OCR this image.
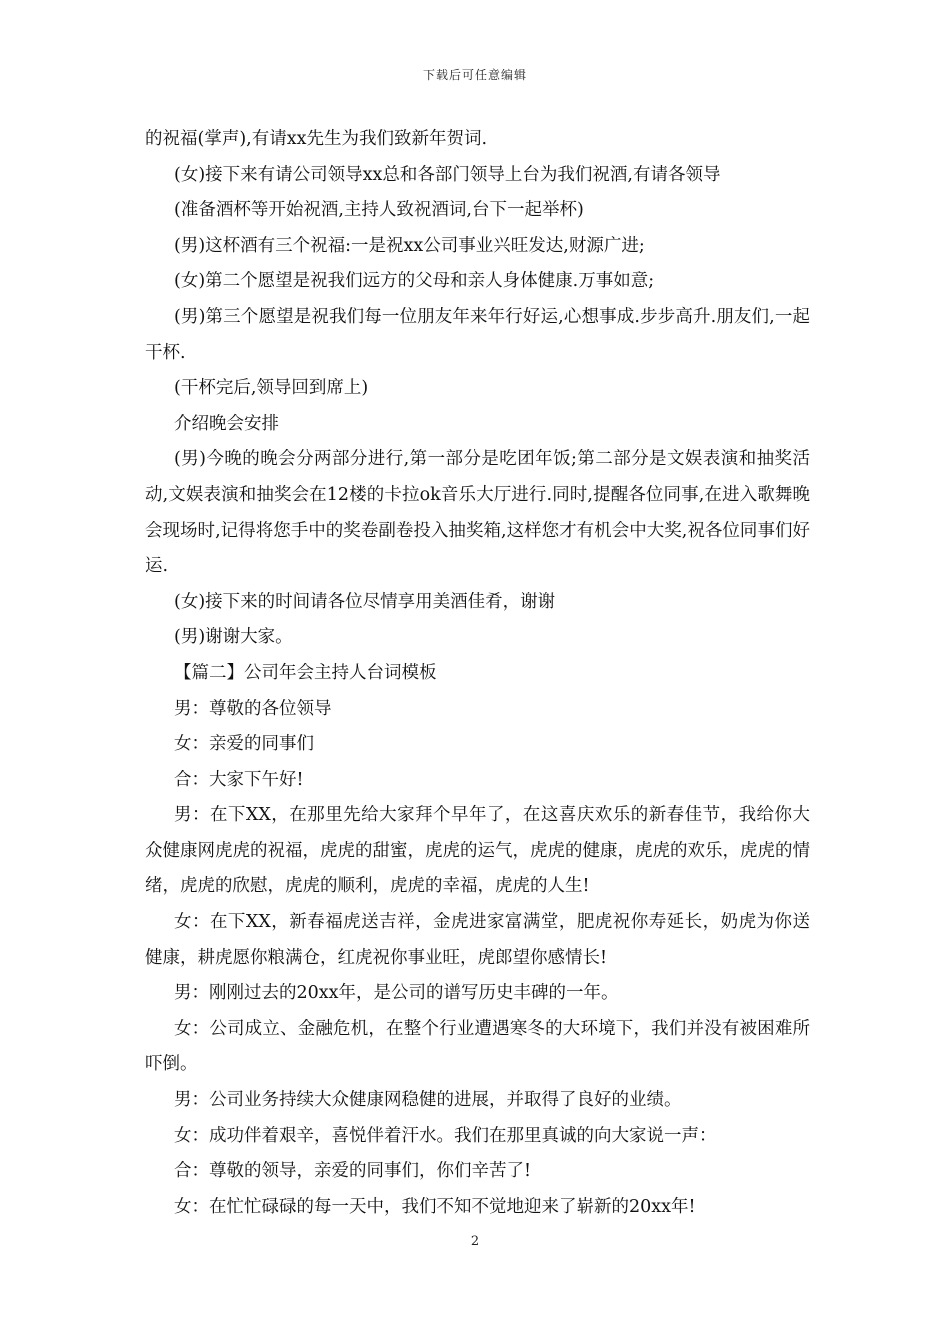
下载后可任意编辑

的祝福(掌声),有请xx先生为我们致新年贺词.

(女)接下来有请公司领导xx总和各部门领导上台为我们祝酒,有请各领导

(准备酒杯等开始祝酒,主持人致祝酒词,台下一起举杯)

(男)这杯酒有三个祝福:一是祝xx公司事业兴旺发达,财源广进;

(女)第二个愿望是祝我们远方的父母和亲人身体健康.万事如意;

(男)第三个愿望是祝我们每一位朋友年来年行好运,心想事成.步步高升.朋友们,一起干杯.

(干杯完后,领导回到席上)

介绍晚会安排

(男)今晚的晚会分两部分进行,第一部分是吃团年饭;第二部分是文娱表演和抽奖活动,文娱表演和抽奖会在12楼的卡拉ok音乐大厅进行.同时,提醒各位同事,在进入歌舞晚会现场时,记得将您手中的奖卷副卷投入抽奖箱,这样您才有机会中大奖,祝各位同事们好运.

(女)接下来的时间请各位尽情享用美酒佳肴，谢谢

(男)谢谢大家。

【篇二】公司年会主持人台词模板

男：尊敬的各位领导

女：亲爱的同事们

合：大家下午好!

男：在下XX，在那里先给大家拜个早年了，在这喜庆欢乐的新春佳节，我给你大众健康网虎虎的祝福，虎虎的甜蜜，虎虎的运气，虎虎的健康，虎虎的欢乐，虎虎的情绪，虎虎的欣慰，虎虎的顺利，虎虎的幸福，虎虎的人生!

女：在下XX，新春福虎送吉祥，金虎进家富满堂，肥虎祝你寿延长，奶虎为你送健康，耕虎愿你粮满仓，红虎祝你事业旺，虎郎望你感情长!

男：刚刚过去的20xx年，是公司的谱写历史丰碑的一年。

女：公司成立、金融危机，在整个行业遭遇寒冬的大环境下，我们并没有被困难所吓倒。

男：公司业务持续大众健康网稳健的进展，并取得了良好的业绩。

女：成功伴着艰辛，喜悦伴着汗水。我们在那里真诚的向大家说一声：

合：尊敬的领导，亲爱的同事们，你们辛苦了!

女：在忙忙碌碌的每一天中，我们不知不觉地迎来了崭新的20xx年!

2
